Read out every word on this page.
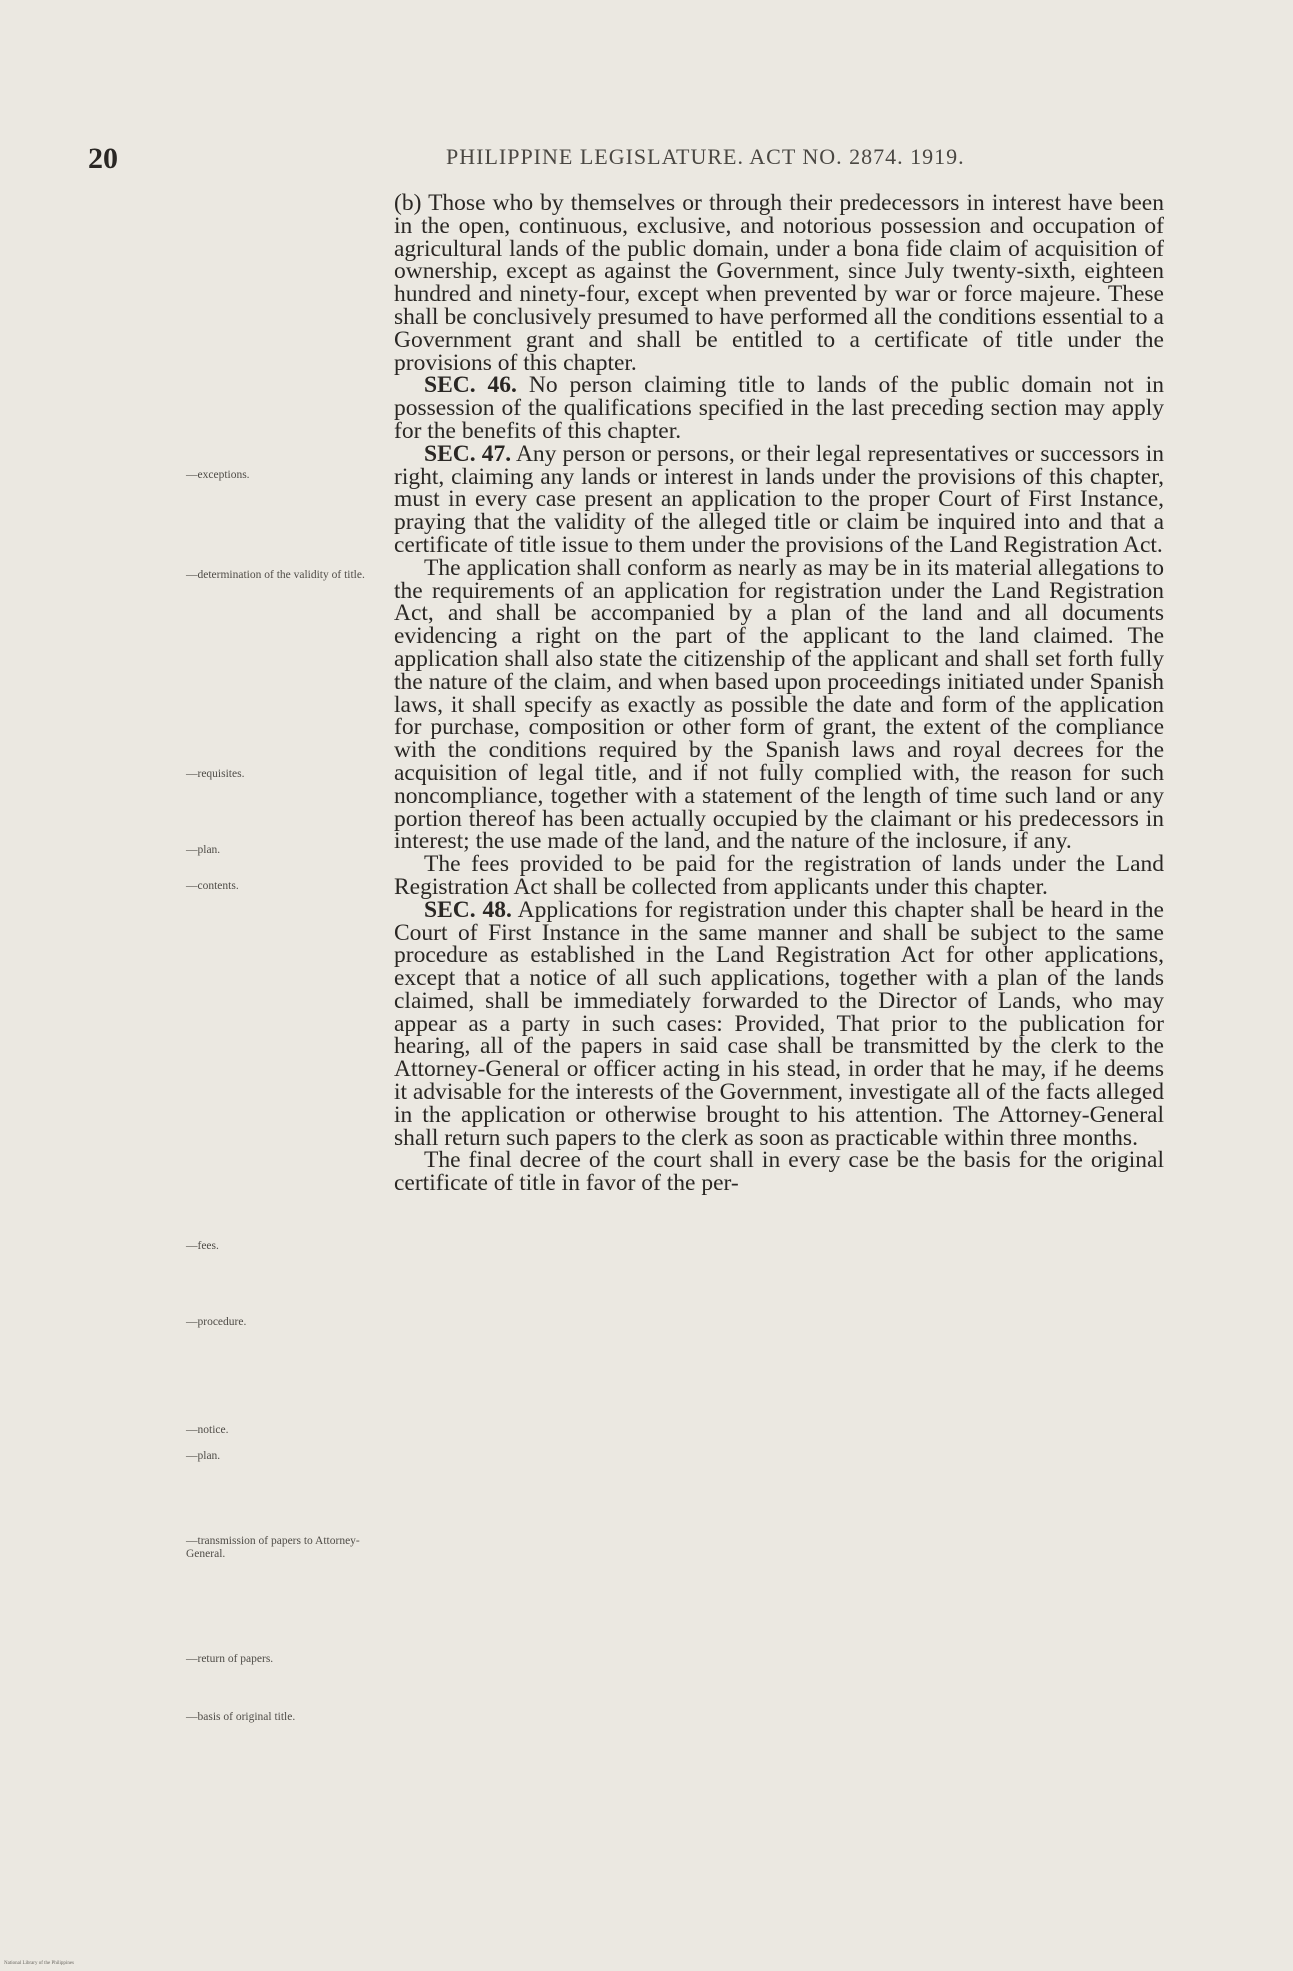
20	PHILIPPINE LEGISLATURE. ACT NO. 2874. 1919.

(b) Those who by themselves or through their predecessors in interest have been in the open, continuous, exclusive, and notorious possession and occupation of agricultural lands of the public domain, under a bona fide claim of acquisition of ownership, except as against the Government, since July twenty-sixth, eighteen hundred and ninety-four, except when prevented by war or force majeure. These shall be conclusively presumed to have performed all the conditions essential to a Government grant and shall be entitled to a certificate of title under the provisions of this chapter.

SEC. 46. No person claiming title to lands of the public domain not in possession of the qualifications specified in the last preceding section may apply for the benefits of this chapter.

SEC. 47. Any person or persons, or their legal representatives or successors in right, claiming any lands or interest in lands under the provisions of this chapter, must in every case present an application to the proper Court of First Instance, praying that the validity of the alleged title or claim be inquired into and that a certificate of title issue to them under the provisions of the Land Registration Act.

The application shall conform as nearly as may be in its material allegations to the requirements of an application for registration under the Land Registration Act, and shall be accompanied by a plan of the land and all documents evidencing a right on the part of the applicant to the land claimed. The application shall also state the citizenship of the applicant and shall set forth fully the nature of the claim, and when based upon proceedings initiated under Spanish laws, it shall specify as exactly as possible the date and form of the application for purchase, composition or other form of grant, the extent of the compliance with the conditions required by the Spanish laws and royal decrees for the acquisition of legal title, and if not fully complied with, the reason for such noncompliance, together with a statement of the length of time such land or any portion thereof has been actually occupied by the claimant or his predecessors in interest; the use made of the land, and the nature of the inclosure, if any.

The fees provided to be paid for the registration of lands under the Land Registration Act shall be collected from applicants under this chapter.

SEC. 48. Applications for registration under this chapter shall be heard in the Court of First Instance in the same manner and shall be subject to the same procedure as established in the Land Registration Act for other applications, except that a notice of all such applications, together with a plan of the lands claimed, shall be immediately forwarded to the Director of Lands, who may appear as a party in such cases: Provided, That prior to the publication for hearing, all of the papers in said case shall be transmitted by the clerk to the Attorney-General or officer acting in his stead, in order that he may, if he deems it advisable for the interests of the Government, investigate all of the facts alleged in the application or otherwise brought to his attention. The Attorney-General shall return such papers to the clerk as soon as practicable within three months.

The final decree of the court shall in every case be the basis for the original certificate of title in favor of the per-

—exceptions.
—determination of the validity of title.
—requisites.
—plan.
—contents.
—fees.
—procedure.
—notice.
—plan.
—transmission of papers to Attorney-General.
—return of papers.
—basis of original title.
National Library of the Philippines
